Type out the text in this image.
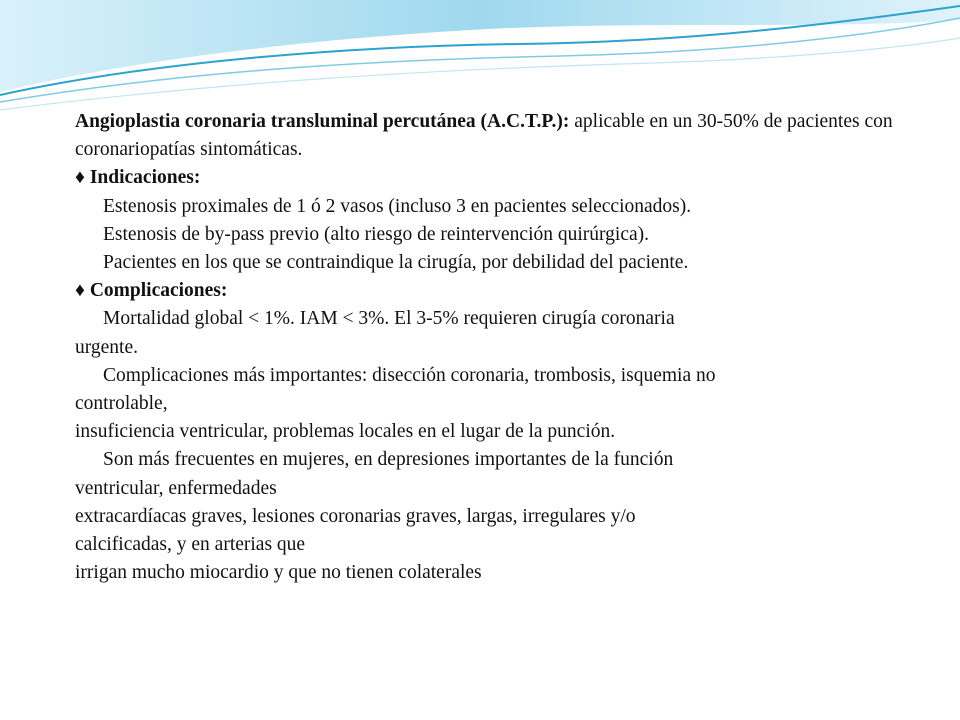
Angioplastia coronaria transluminal percutánea (A.C.T.P.): aplicable en un 30-50% de pacientes con
coronariopatías sintomáticas.
♦ Indicaciones:
Estenosis proximales de 1 ó 2 vasos (incluso 3 en pacientes seleccionados).
Estenosis de by-pass previo (alto riesgo de reintervención quirúrgica).
Pacientes en los que se contraindique la cirugía, por debilidad del paciente.
♦ Complicaciones:
Mortalidad global < 1%. IAM < 3%. El 3-5% requieren cirugía coronaria
urgente.
Complicaciones más importantes: disección coronaria, trombosis, isquemia no
controlable,
insuficiencia ventricular, problemas locales en el lugar de la punción.
Son más frecuentes en mujeres, en depresiones importantes de la función
ventricular, enfermedades
extracardíacas graves, lesiones coronarias graves, largas, irregulares y/o
calcificadas, y en arterias que
irrigan mucho miocardio y que no tienen colaterales
